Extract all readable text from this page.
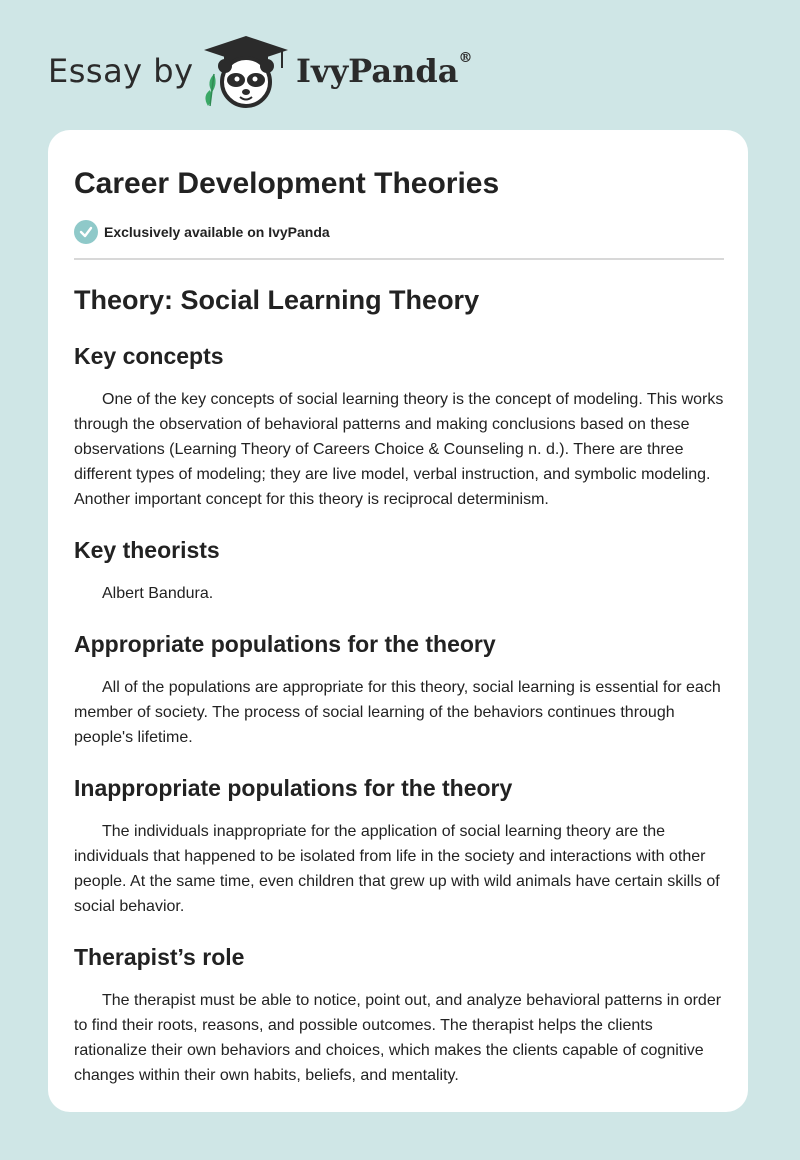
Essay by	IvyPanda®
Career Development Theories
Exclusively available on IvyPanda
Theory: Social Learning Theory
Key concepts

One of the key concepts of social learning theory is the concept of modeling. This works through the observation of behavioral patterns and making conclusions based on these observations (Learning Theory of Careers Choice & Counseling n. d.). There are three different types of modeling; they are live model, verbal instruction, and symbolic modeling. Another important concept for this theory is reciprocal determinism.

Key theorists

Albert Bandura.

Appropriate populations for the theory

All of the populations are appropriate for this theory, social learning is essential for each member of society. The process of social learning of the behaviors continues through people's lifetime.

Inappropriate populations for the theory

The individuals inappropriate for the application of social learning theory are the individuals that happened to be isolated from life in the society and interactions with other people. At the same time, even children that grew up with wild animals have certain skills of social behavior.

Therapist’s role

The therapist must be able to notice, point out, and analyze behavioral patterns in order to find their roots, reasons, and possible outcomes. The therapist helps the clients rationalize their own behaviors and choices, which makes the clients capable of cognitive changes within their own habits, beliefs, and mentality.
